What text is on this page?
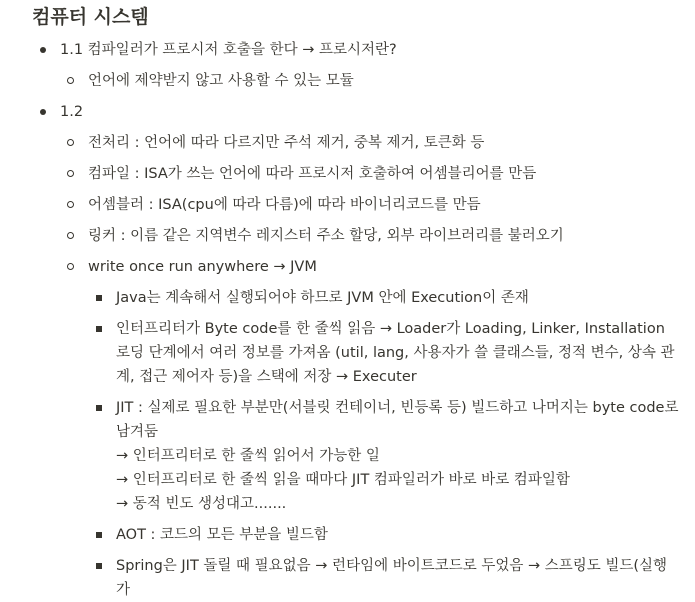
컴퓨터 시스템
1.1 컴파일러가 프로시저 호출을 한다 → 프로시저란?
언어에 제약받지 않고 사용할 수 있는 모듈
1.2
전처리 : 언어에 따라 다르지만 주석 제거, 중복 제거, 토큰화 등
컴파일 : ISA가 쓰는 언어에 따라 프로시저 호출하여 어셈블리어를 만듬
어셈블러 : ISA(cpu에 따라 다름)에 따라 바이너리코드를 만듬
링커 : 이름 같은 지역변수 레지스터 주소 할당, 외부 라이브러리를 불러오기
write once run anywhere → JVM
Java는 계속해서 실행되어야 하므로 JVM 안에 Execution이 존재
인터프리터가 Byte code를 한 줄씩 읽음 → Loader가 Loading, Linker, Installation 로딩 단계에서 여러 정보를 가져옴 (util, lang, 사용자가 쓸 클래스들, 정적 변수, 상속 관계, 접근 제어자 등)을 스택에 저장 → Executer
JIT : 실제로 필요한 부분만(서블릿 컨테이너, 빈등록 등) 빌드하고 나머지는 byte code로 남겨둠
→ 인터프리터로 한 줄씩 읽어서 가능한 일
→ 인터프리터로 한 줄씩 읽을 때마다 JIT 컴파일러가 바로 바로 컴파일함
→ 동적 빈도 생성대고.......
AOT : 코드의 모든 부분을 빌드함
Spring은 JIT 돌릴 때 필요없음 → 런타임에 바이트코드로 두었음 → 스프링도 빌드(실행가
